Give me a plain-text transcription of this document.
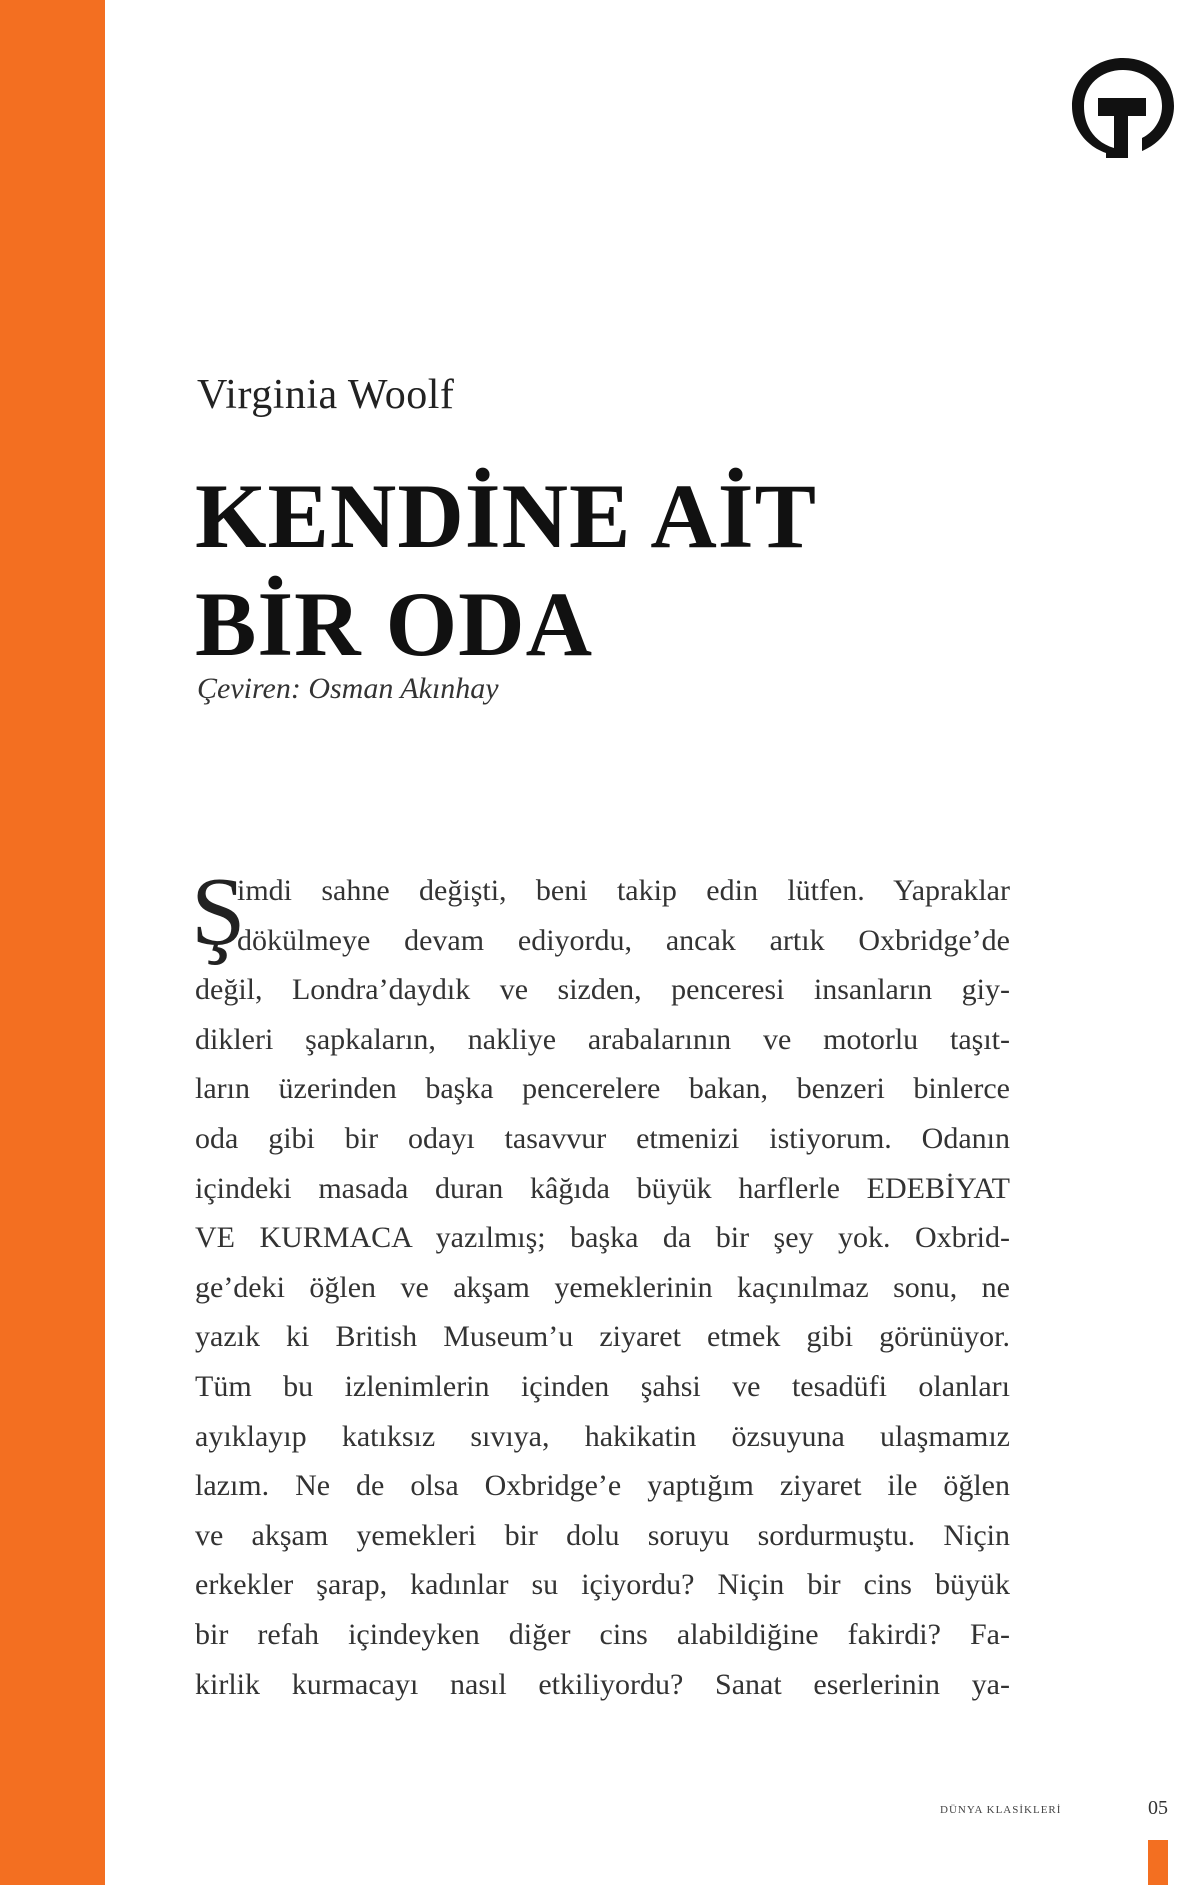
Virginia Woolf
KENDİNE AİT
BİR ODA
Çeviren: Osman Akınhay
Ş
imdi sahne değişti, beni takip edin lütfen. Yapraklar
dökülmeye devam ediyordu, ancak artık Oxbridge’de
değil, Londra’daydık ve sizden, penceresi insanların giy-
dikleri şapkaların, nakliye arabalarının ve motorlu taşıt-
ların üzerinden başka pencerelere bakan, benzeri binlerce
oda gibi bir odayı tasavvur etmenizi istiyorum. Odanın
içindeki masada duran kâğıda büyük harflerle EDEBİYAT
VE KURMACA yazılmış; başka da bir şey yok. Oxbrid-
ge’deki öğlen ve akşam yemeklerinin kaçınılmaz sonu, ne
yazık ki British Museum’u ziyaret etmek gibi görünüyor.
Tüm bu izlenimlerin içinden şahsi ve tesadüfi olanları
ayıklayıp katıksız sıvıya, hakikatin özsuyuna ulaşmamız
lazım. Ne de olsa Oxbridge’e yaptığım ziyaret ile öğlen
ve akşam yemekleri bir dolu soruyu sordurmuştu. Niçin
erkekler şarap, kadınlar su içiyordu? Niçin bir cins büyük
bir refah içindeyken diğer cins alabildiğine fakirdi? Fa-
kirlik kurmacayı nasıl etkiliyordu? Sanat eserlerinin ya-
DÜNYA KLASİKLERİ	05
